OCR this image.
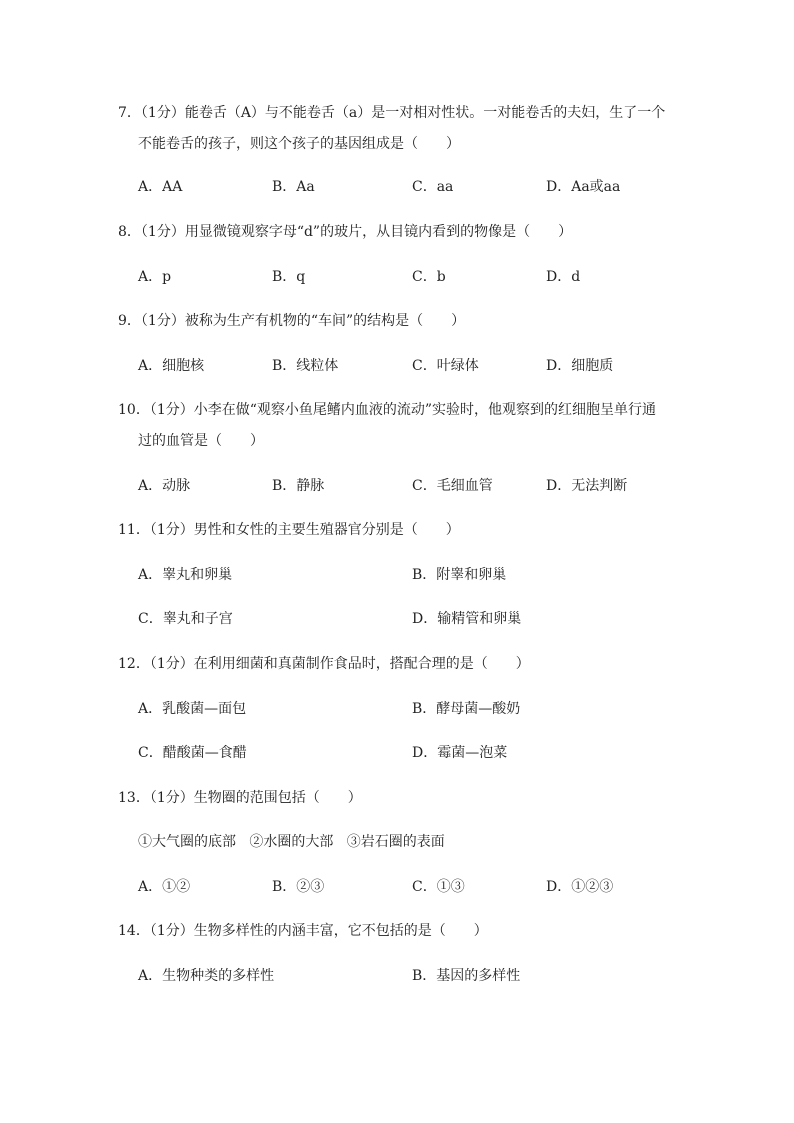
7．（1分）能卷舌（A）与不能卷舌（a）是一对相对性状。一对能卷舌的夫妇，生了一个
不能卷舌的孩子，则这个孩子的基因组成是（　　）
A．AA	B．Aa	C．aa	D．Aa或aa
8．（1分）用显微镜观察字母“d”的玻片，从目镜内看到的物像是（　　）
A．p	B．q	C．b	D．d
9．（1分）被称为生产有机物的“车间”的结构是（　　）
A．细胞核	B．线粒体	C．叶绿体	D．细胞质
10．（1分）小李在做“观察小鱼尾鳍内血液的流动”实验时，他观察到的红细胞呈单行通
过的血管是（　　）
A．动脉	B．静脉	C．毛细血管	D．无法判断
11．（1分）男性和女性的主要生殖器官分别是（　　）
A．睾丸和卵巢	B．附睾和卵巢
C．睾丸和子宫	D．输精管和卵巢
12．（1分）在利用细菌和真菌制作食品时，搭配合理的是（　　）
A．乳酸菌—面包	B．酵母菌—酸奶
C．醋酸菌—食醋	D．霉菌—泡菜
13．（1分）生物圈的范围包括（　　）
①大气圈的底部 ②水圈的大部 ③岩石圈的表面
A．①②	B．②③	C．①③	D．①②③
14．（1分）生物多样性的内涵丰富，它不包括的是（　　）
A．生物种类的多样性	B．基因的多样性
